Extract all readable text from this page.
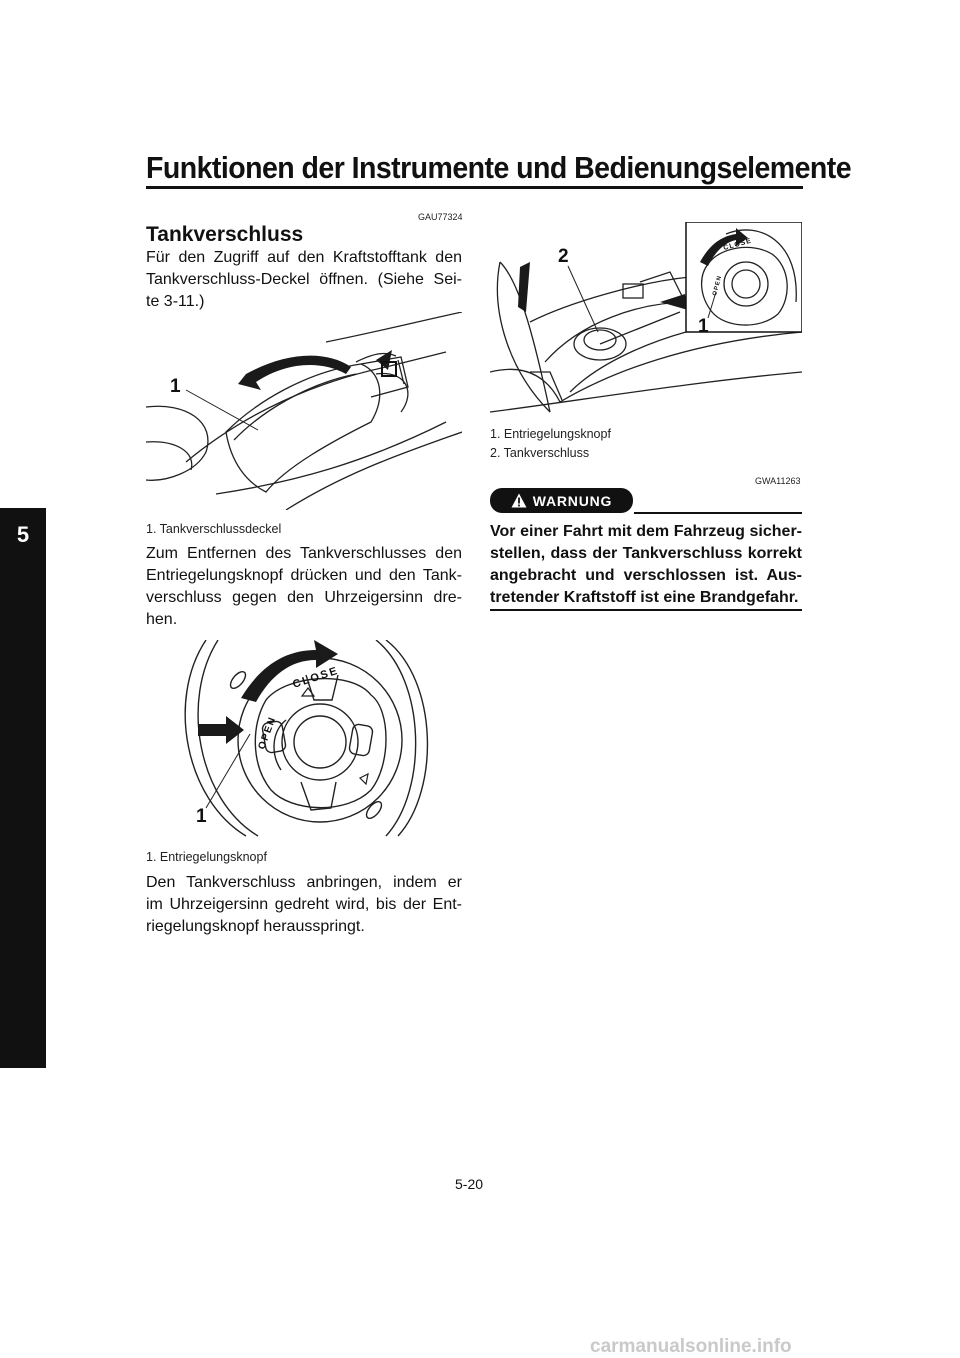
Funktionen der Instrumente und Bedienungselemente
5
GAU77324
Tankverschluss
Für den Zugriff auf den Kraftstofftank den
Tankverschluss-Deckel öffnen. (Siehe Sei-
te 3-11.)
1
1. Tankverschlussdeckel
Zum Entfernen des Tankverschlusses den
Entriegelungsknopf drücken und den Tank-
verschluss gegen den Uhrzeigersinn dre-
hen.
CLOSE
OPEN
1
1. Entriegelungsknopf
Den Tankverschluss anbringen, indem er
im Uhrzeigersinn gedreht wird, bis der Ent-
riegelungsknopf herausspringt.
2
CLOSE
OPEN
1
1. Entriegelungsknopf
2. Tankverschluss
GWA11263
WARNUNG
Vor einer Fahrt mit dem Fahrzeug sicher-
stellen, dass der Tankverschluss korrekt
angebracht und verschlossen ist. Aus-
tretender Kraftstoff ist eine Brandgefahr.
5-20
carmanualsonline.info
